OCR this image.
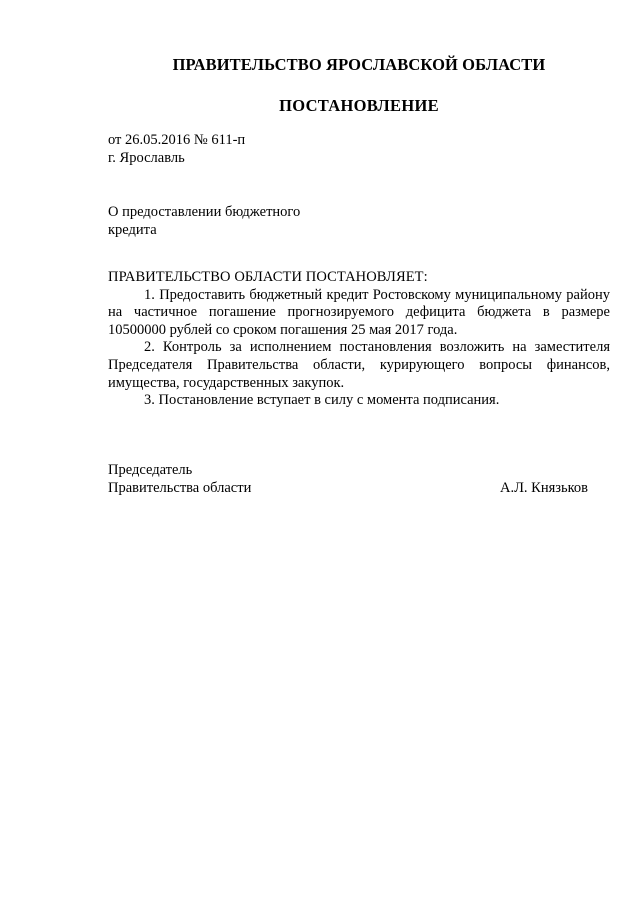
ПРАВИТЕЛЬСТВО ЯРОСЛАВСКОЙ ОБЛАСТИ
ПОСТАНОВЛЕНИЕ
от 26.05.2016 № 611-п
г. Ярославль
О предоставлении бюджетного
кредита
ПРАВИТЕЛЬСТВО ОБЛАСТИ ПОСТАНОВЛЯЕТ:

1. Предоставить бюджетный кредит Ростовскому муниципальному району на частичное погашение прогнозируемого дефицита бюджета в размере 10500000 рублей со сроком погашения 25 мая 2017 года.

2. Контроль за исполнением постановления возложить на заместителя Председателя Правительства области, курирующего вопросы финансов, имущества, государственных закупок.

3. Постановление вступает в силу с момента подписания.

Председатель
Правительства области	А.Л. Князьков
